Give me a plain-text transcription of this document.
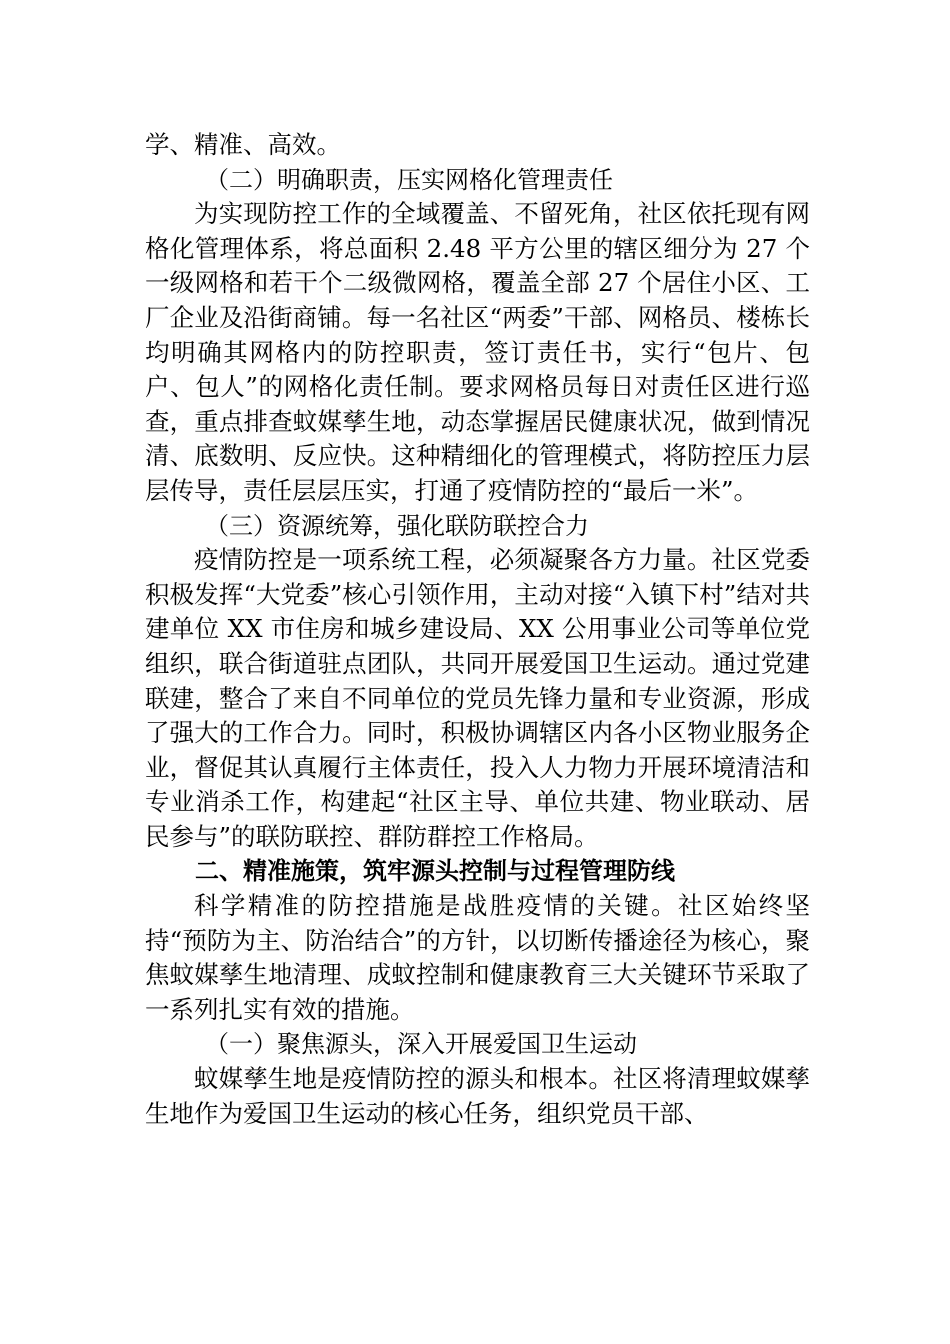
学、精准、高效。

（二）明确职责，压实网格化管理责任

为实现防控工作的全域覆盖、不留死角，社区依托现有网格化管理体系，将总面积 2.48 平方公里的辖区细分为 27 个一级网格和若干个二级微网格，覆盖全部 27 个居住小区、工厂企业及沿街商铺。每一名社区“两委”干部、网格员、楼栋长均明确其网格内的防控职责，签订责任书，实行“包片、包户、包人”的网格化责任制。要求网格员每日对责任区进行巡查，重点排查蚊媒孳生地，动态掌握居民健康状况，做到情况清、底数明、反应快。这种精细化的管理模式，将防控压力层层传导，责任层层压实，打通了疫情防控的“最后一米”。

（三）资源统筹，强化联防联控合力

疫情防控是一项系统工程，必须凝聚各方力量。社区党委积极发挥“大党委”核心引领作用，主动对接“入镇下村”结对共建单位 XX 市住房和城乡建设局、XX 公用事业公司等单位党组织，联合街道驻点团队，共同开展爱国卫生运动。通过党建联建，整合了来自不同单位的党员先锋力量和专业资源，形成了强大的工作合力。同时，积极协调辖区内各小区物业服务企业，督促其认真履行主体责任，投入人力物力开展环境清洁和专业消杀工作，构建起“社区主导、单位共建、物业联动、居民参与”的联防联控、群防群控工作格局。

二、精准施策，筑牢源头控制与过程管理防线

科学精准的防控措施是战胜疫情的关键。社区始终坚持“预防为主、防治结合”的方针，以切断传播途径为核心，聚焦蚊媒孳生地清理、成蚊控制和健康教育三大关键环节采取了一系列扎实有效的措施。

（一）聚焦源头，深入开展爱国卫生运动

蚊媒孳生地是疫情防控的源头和根本。社区将清理蚊媒孳生地作为爱国卫生运动的核心任务，组织党员干部、
